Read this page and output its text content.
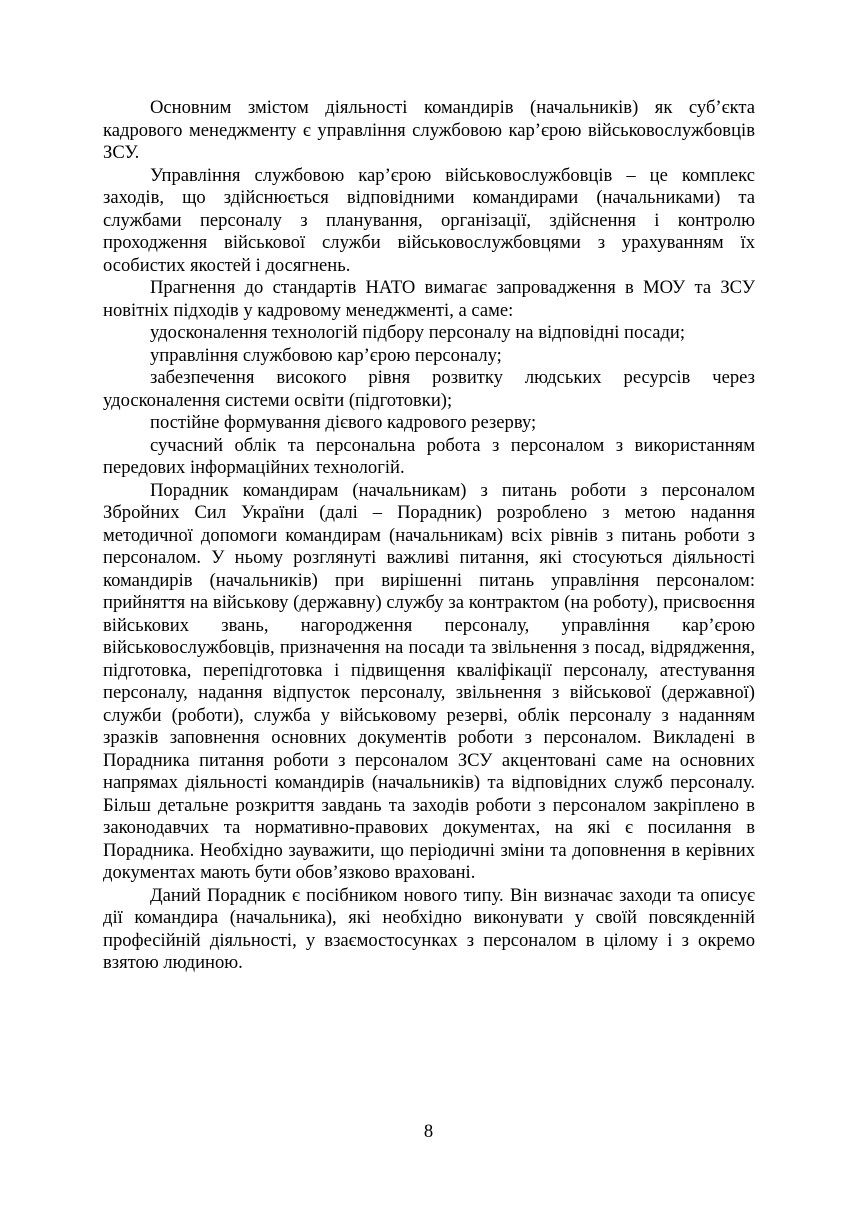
Основним змістом діяльності командирів (начальників) як суб’єкта кадрового менеджменту є управління службовою кар’єрою військовослужбовців ЗСУ.

Управління службовою кар’єрою військовослужбовців – це комплекс заходів, що здійснюється відповідними командирами (начальниками) та службами персоналу з планування, організації, здійснення і контролю проходження військової служби військовослужбовцями з урахуванням їх особистих якостей і досягнень.

Прагнення до стандартів НАТО вимагає запровадження в МОУ та ЗСУ новітніх підходів у кадровому менеджменті, а саме:

удосконалення технологій підбору персоналу на відповідні посади;

управління службовою кар’єрою персоналу;

забезпечення високого рівня розвитку людських ресурсів через удосконалення системи освіти (підготовки);

постійне формування дієвого кадрового резерву;

сучасний облік та персональна робота з персоналом з використанням передових інформаційних технологій.

Порадник командирам (начальникам) з питань роботи з персоналом Збройних Сил України (далі – Порадник) розроблено з метою надання методичної допомоги командирам (начальникам) всіх рівнів з питань роботи з персоналом. У ньому розглянуті важливі питання, які стосуються діяльності командирів (начальників) при вирішенні питань управління персоналом: прийняття на військову (державну) службу за контрактом (на роботу), присвоєння військових звань, нагородження персоналу, управління кар’єрою військовослужбовців, призначення на посади та звільнення з посад, відрядження, підготовка, перепідготовка і підвищення кваліфікації персоналу, атестування персоналу, надання відпусток персоналу, звільнення з військової (державної) служби (роботи), служба у військовому резерві, облік персоналу з наданням зразків заповнення основних документів роботи з персоналом. Викладені в Порадника питання роботи з персоналом ЗСУ акцентовані саме на основних напрямах діяльності командирів (начальників) та відповідних служб персоналу. Більш детальне розкриття завдань та заходів роботи з персоналом закріплено в законодавчих та нормативно-правових документах, на які є посилання в Порадника. Необхідно зауважити, що періодичні зміни та доповнення в керівних документах мають бути обов’язково враховані.

Даний Порадник є посібником нового типу. Він визначає заходи та описує дії командира (начальника), які необхідно виконувати у своїй повсякденній професійній діяльності, у взаємостосунках з персоналом в цілому і з окремо взятою людиною.

8
